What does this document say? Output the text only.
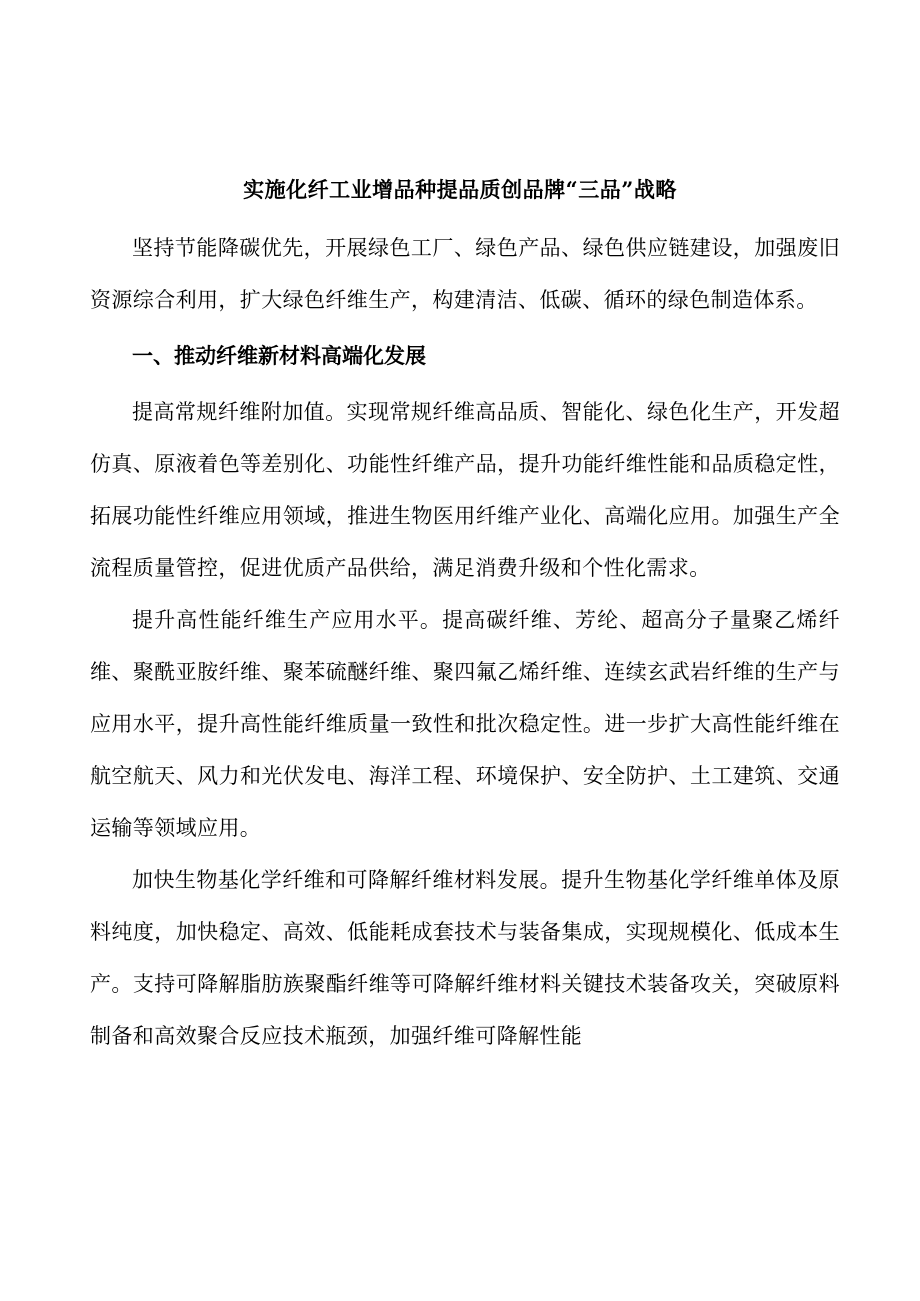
实施化纤工业增品种提品质创品牌“三品”战略

坚持节能降碳优先，开展绿色工厂、绿色产品、绿色供应链建设，加强废旧资源综合利用，扩大绿色纤维生产，构建清洁、低碳、循环的绿色制造体系。

一、推动纤维新材料高端化发展

提高常规纤维附加值。实现常规纤维高品质、智能化、绿色化生产，开发超仿真、原液着色等差别化、功能性纤维产品，提升功能纤维性能和品质稳定性，拓展功能性纤维应用领域，推进生物医用纤维产业化、高端化应用。加强生产全流程质量管控，促进优质产品供给，满足消费升级和个性化需求。

提升高性能纤维生产应用水平。提高碳纤维、芳纶、超高分子量聚乙烯纤维、聚酰亚胺纤维、聚苯硫醚纤维、聚四氟乙烯纤维、连续玄武岩纤维的生产与应用水平，提升高性能纤维质量一致性和批次稳定性。进一步扩大高性能纤维在航空航天、风力和光伏发电、海洋工程、环境保护、安全防护、土工建筑、交通运输等领域应用。

加快生物基化学纤维和可降解纤维材料发展。提升生物基化学纤维单体及原料纯度，加快稳定、高效、低能耗成套技术与装备集成，实现规模化、低成本生产。支持可降解脂肪族聚酯纤维等可降解纤维材料关键技术装备攻关，突破原料制备和高效聚合反应技术瓶颈，加强纤维可降解性能
